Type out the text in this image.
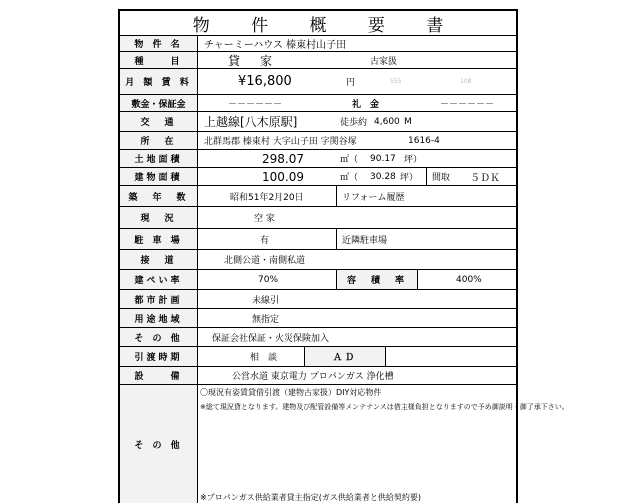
物 件 概 要 書
物 件 名	チャーミーハウス 榛東村山子田
種　　目	貸　家	古家扱
月 額 賃 料	¥16,800	円	555	108
敷金・保証金	－－－－－－	礼　金	－－－－－－
交　通	上越線[八木原駅]	徒歩約 4,600 M
所　在	北群馬郡 榛東村 大字山子田 字関谷塚	1616-4
土地面積	298.07	㎡（ 90.17 坪）
建物面積	100.09	㎡（ 30.28 坪） 間取 ５ＤＫ
築　年　数	昭和51年2月20日	リフォーム履歴
現　況	空 家
駐 車 場	有	近隣駐車場
接　道	北側公道・南側私道
建ぺい率	70%	容　積　率	400%
都市計画	未線引
用途地域	無指定
そ の 他	保証会社保証・火災保険加入
引渡時期	相　談	ＡＤ
設　　備	公営水道 東京電力 プロパンガス 浄化槽
そ の 他
〇現況有姿賃貸借引渡（建物古家扱）DIY対応物件
※総て現況貸となります。建物及び配管設備等メンテナンスは借主様負担となりますので予め御説明・御了承下さい。
※プロパンガス供給業者貸主指定(ガス供給業者と供給契約要)
